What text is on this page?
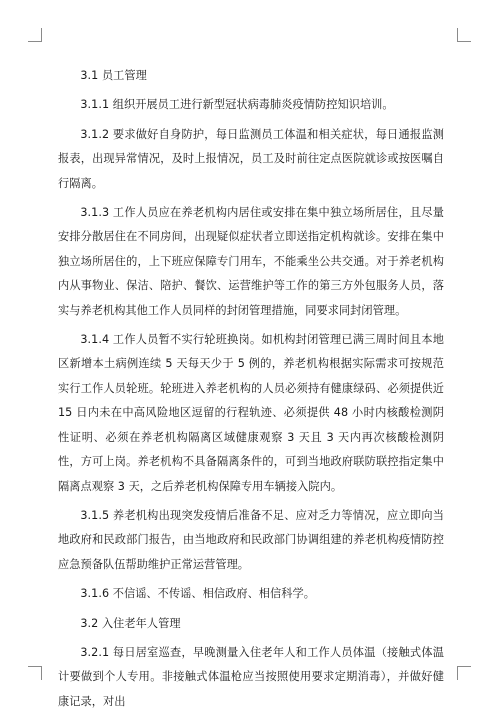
3.1 员工管理

3.1.1 组织开展员工进行新型冠状病毒肺炎疫情防控知识培训。

3.1.2 要求做好自身防护，每日监测员工体温和相关症状，每日通报监测报表，出现异常情况，及时上报情况，员工及时前往定点医院就诊或按医嘱自行隔离。

3.1.3 工作人员应在养老机构内居住或安排在集中独立场所居住，且尽量安排分散居住在不同房间，出现疑似症状者立即送指定机构就诊。安排在集中独立场所居住的，上下班应保障专门用车，不能乘坐公共交通。对于养老机构内从事物业、保洁、陪护、餐饮、运营维护等工作的第三方外包服务人员，落实与养老机构其他工作人员同样的封闭管理措施，同要求同封闭管理。

3.1.4 工作人员暂不实行轮班换岗。如机构封闭管理已满三周时间且本地区新增本土病例连续 5 天每天少于 5 例的，养老机构根据实际需求可按规范实行工作人员轮班。轮班进入养老机构的人员必须持有健康绿码、必须提供近 15 日内未在中高风险地区逗留的行程轨迹、必须提供 48 小时内核酸检测阴性证明、必须在养老机构隔离区域健康观察 3 天且 3 天内再次核酸检测阴性，方可上岗。养老机构不具备隔离条件的，可到当地政府联防联控指定集中隔离点观察 3 天，之后养老机构保障专用车辆接入院内。

3.1.5 养老机构出现突发疫情后准备不足、应对乏力等情况，应立即向当地政府和民政部门报告，由当地政府和民政部门协调组建的养老机构疫情防控应急预备队伍帮助维护正常运营管理。

3.1.6 不信谣、不传谣、相信政府、相信科学。

3.2 入住老年人管理

3.2.1 每日居室巡查，早晚测量入住老年人和工作人员体温（接触式体温计要做到个人专用。非接触式体温枪应当按照使用要求定期消毒），并做好健康记录，对出
